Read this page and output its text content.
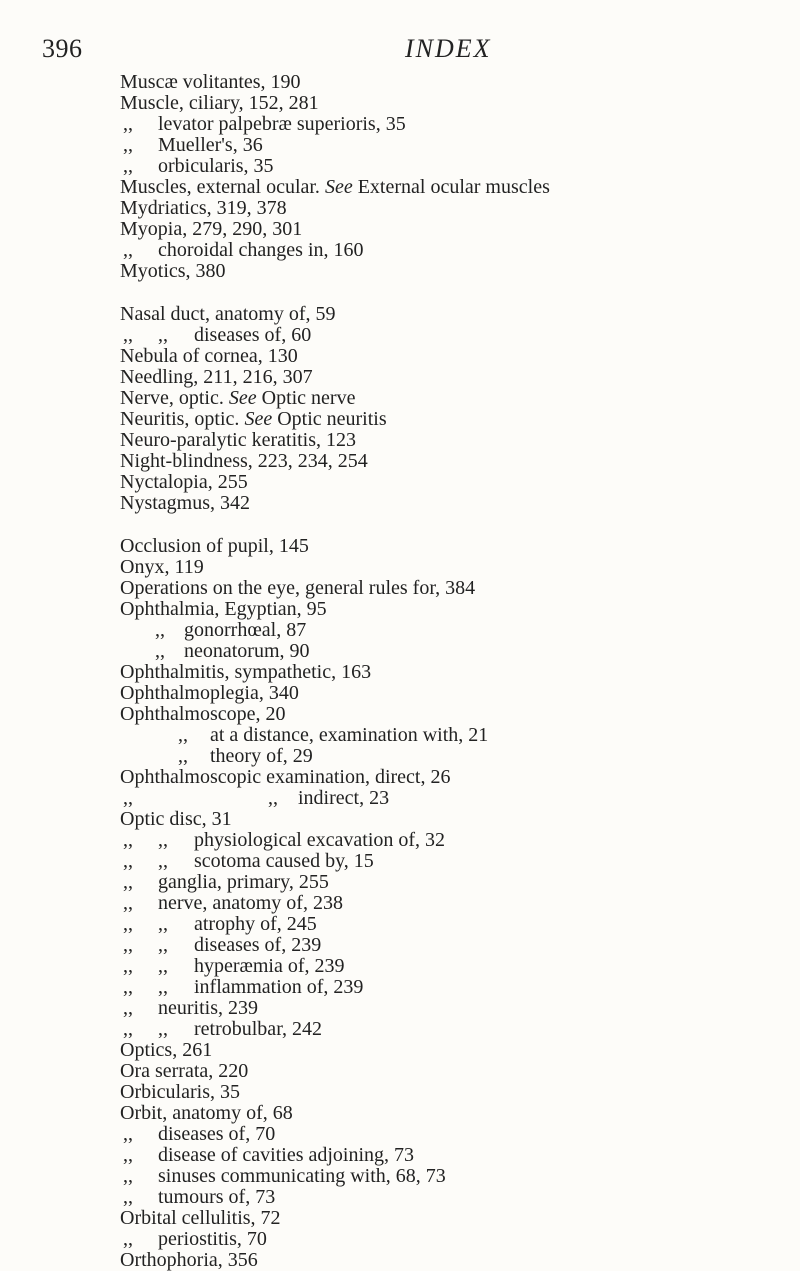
396	INDEX
Muscæ volitantes, 190
Muscle, ciliary, 152, 281
,, levator palpebræ superioris, 35
,, Mueller's, 36
,, orbicularis, 35
Muscles, external ocular. See External ocular muscles
Mydriatics, 319, 378
Myopia, 279, 290, 301
,, choroidal changes in, 160
Myotics, 380
Nasal duct, anatomy of, 59
,, ,, diseases of, 60
Nebula of cornea, 130
Needling, 211, 216, 307
Nerve, optic. See Optic nerve
Neuritis, optic. See Optic neuritis
Neuro-paralytic keratitis, 123
Night-blindness, 223, 234, 254
Nyctalopia, 255
Nystagmus, 342
Occlusion of pupil, 145
Onyx, 119
Operations on the eye, general rules for, 384
Ophthalmia, Egyptian, 95
,, gonorrhœal, 87
,, neonatorum, 90
Ophthalmitis, sympathetic, 163
Ophthalmoplegia, 340
Ophthalmoscope, 20
,, at a distance, examination with, 21
,, theory of, 29
Ophthalmoscopic examination, direct, 26
,,	,, indirect, 23
Optic disc, 31
,, ,, physiological excavation of, 32
,, ,, scotoma caused by, 15
,, ganglia, primary, 255
,, nerve, anatomy of, 238
,, ,, atrophy of, 245
,, ,, diseases of, 239
,, ,, hyperæmia of, 239
,, ,, inflammation of, 239
,, neuritis, 239
,, ,, retrobulbar, 242
Optics, 261
Ora serrata, 220
Orbicularis, 35
Orbit, anatomy of, 68
,, diseases of, 70
,, disease of cavities adjoining, 73
,, sinuses communicating with, 68, 73
,, tumours of, 73
Orbital cellulitis, 72
,, periostitis, 70
Orthophoria, 356
